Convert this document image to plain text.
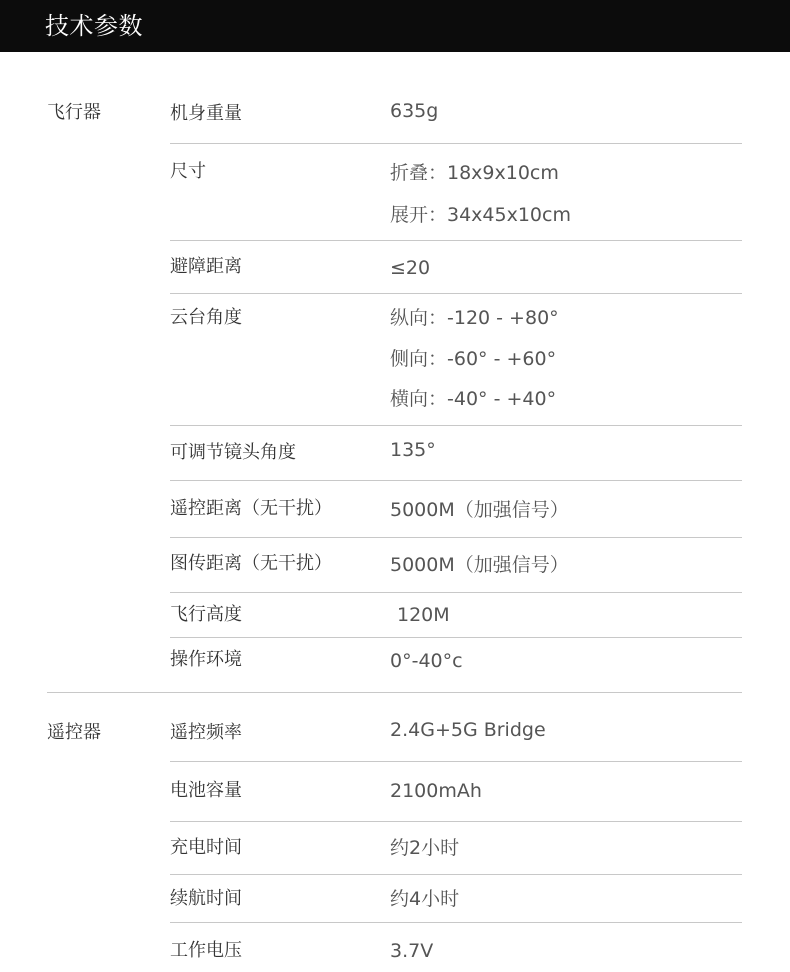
技术参数
飞行器	机身重量	635g
尺寸	折叠：18x9x10cm
展开：34x45x10cm
避障距离	≤20
云台角度	纵向：-120 - +80°
侧向：-60° - +60°
横向：-40° - +40°
可调节镜头角度	135°
遥控距离（无干扰）	5000M（加强信号）
图传距离（无干扰）	5000M（加强信号）
飞行高度	120M
操作环境	0°-40°c
遥控器	遥控频率	2.4G+5G Bridge
电池容量	2100mAh
充电时间	约2小时
续航时间	约4小时
工作电压	3.7V
